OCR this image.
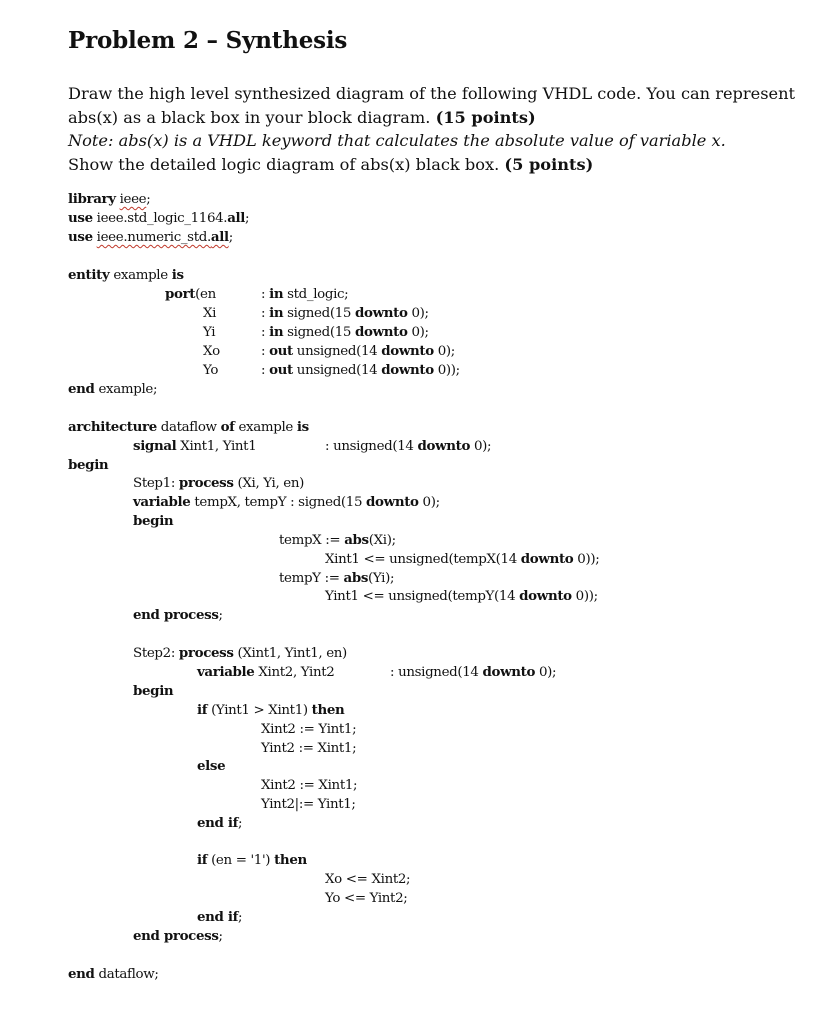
Problem 2 – Synthesis

Draw the high level synthesized diagram of the following VHDL code. You can represent

abs(x) as a black box in your block diagram. (15 points)

Note: abs(x) is a VHDL keyword that calculates the absolute value of variable x.

Show the detailed logic diagram of abs(x) black box. (5 points)

library ieee;
use ieee.std_logic_1164.all;
use ieee.numeric_std.all;
entity example is
port(en	: in std_logic;
Xi	: in signed(15 downto 0);
Yi	: in signed(15 downto 0);
Xo	: out unsigned(14 downto 0);
Yo	: out unsigned(14 downto 0));
end example;
architecture dataflow of example is
signal Xint1, Yint1	: unsigned(14 downto 0);
begin
Step1: process (Xi, Yi, en)
variable tempX, tempY : signed(15 downto 0);
begin
tempX := abs(Xi);
Xint1 <= unsigned(tempX(14 downto 0));
tempY := abs(Yi);
Yint1 <= unsigned(tempY(14 downto 0));
end process;
Step2: process (Xint1, Yint1, en)
variable Xint2, Yint2	: unsigned(14 downto 0);
begin
if (Yint1 > Xint1) then
Xint2 := Yint1;
Yint2 := Xint1;
else
Xint2 := Xint1;
Yint2|:= Yint1;
end if;
if (en = '1') then
Xo <= Xint2;
Yo <= Yint2;
end if;
end process;
end dataflow;
